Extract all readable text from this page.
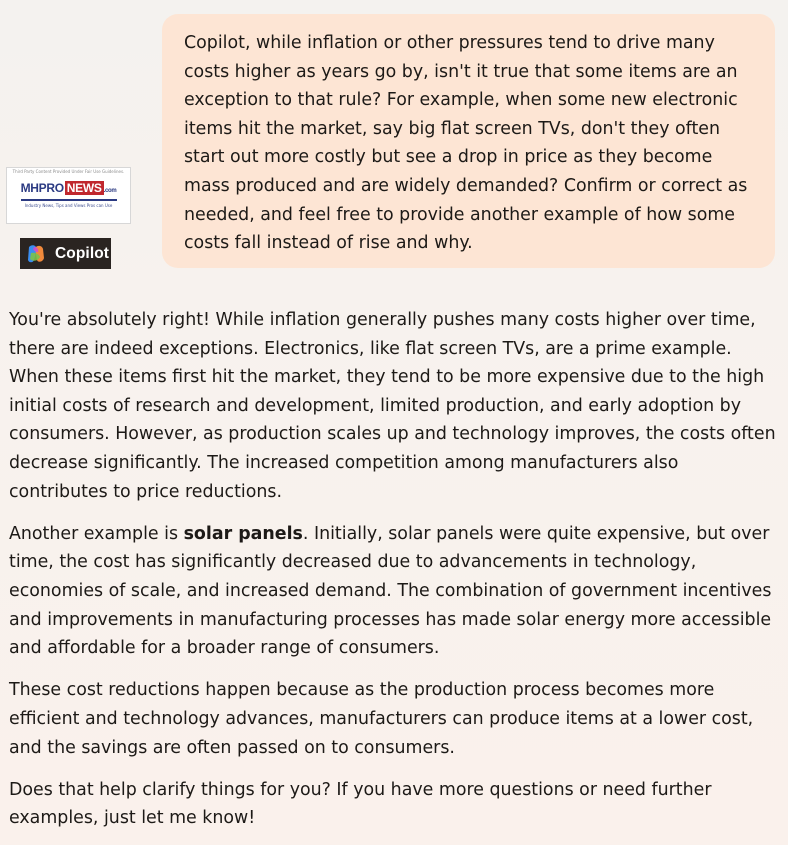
Copilot, while inflation or other pressures tend to drive many costs higher as years go by, isn't it true that some items are an exception to that rule? For example, when some new electronic items hit the market, say big flat screen TVs, don't they often start out more costly but see a drop in price as they become mass produced and are widely demanded? Confirm or correct as needed, and feel free to provide another example of how some costs fall instead of rise and why.

Third Party Content Provided Under Fair Use Guidelines.
MHPRO NEWS .com
Industry News, Tips and Views Pros can Use
Copilot

You're absolutely right! While inflation generally pushes many costs higher over time, there are indeed exceptions. Electronics, like flat screen TVs, are a prime example. When these items first hit the market, they tend to be more expensive due to the high initial costs of research and development, limited production, and early adoption by consumers. However, as production scales up and technology improves, the costs often decrease significantly. The increased competition among manufacturers also contributes to price reductions.

Another example is solar panels. Initially, solar panels were quite expensive, but over time, the cost has significantly decreased due to advancements in technology, economies of scale, and increased demand. The combination of government incentives and improvements in manufacturing processes has made solar energy more accessible and affordable for a broader range of consumers.

These cost reductions happen because as the production process becomes more efficient and technology advances, manufacturers can produce items at a lower cost, and the savings are often passed on to consumers.

Does that help clarify things for you? If you have more questions or need further examples, just let me know!
